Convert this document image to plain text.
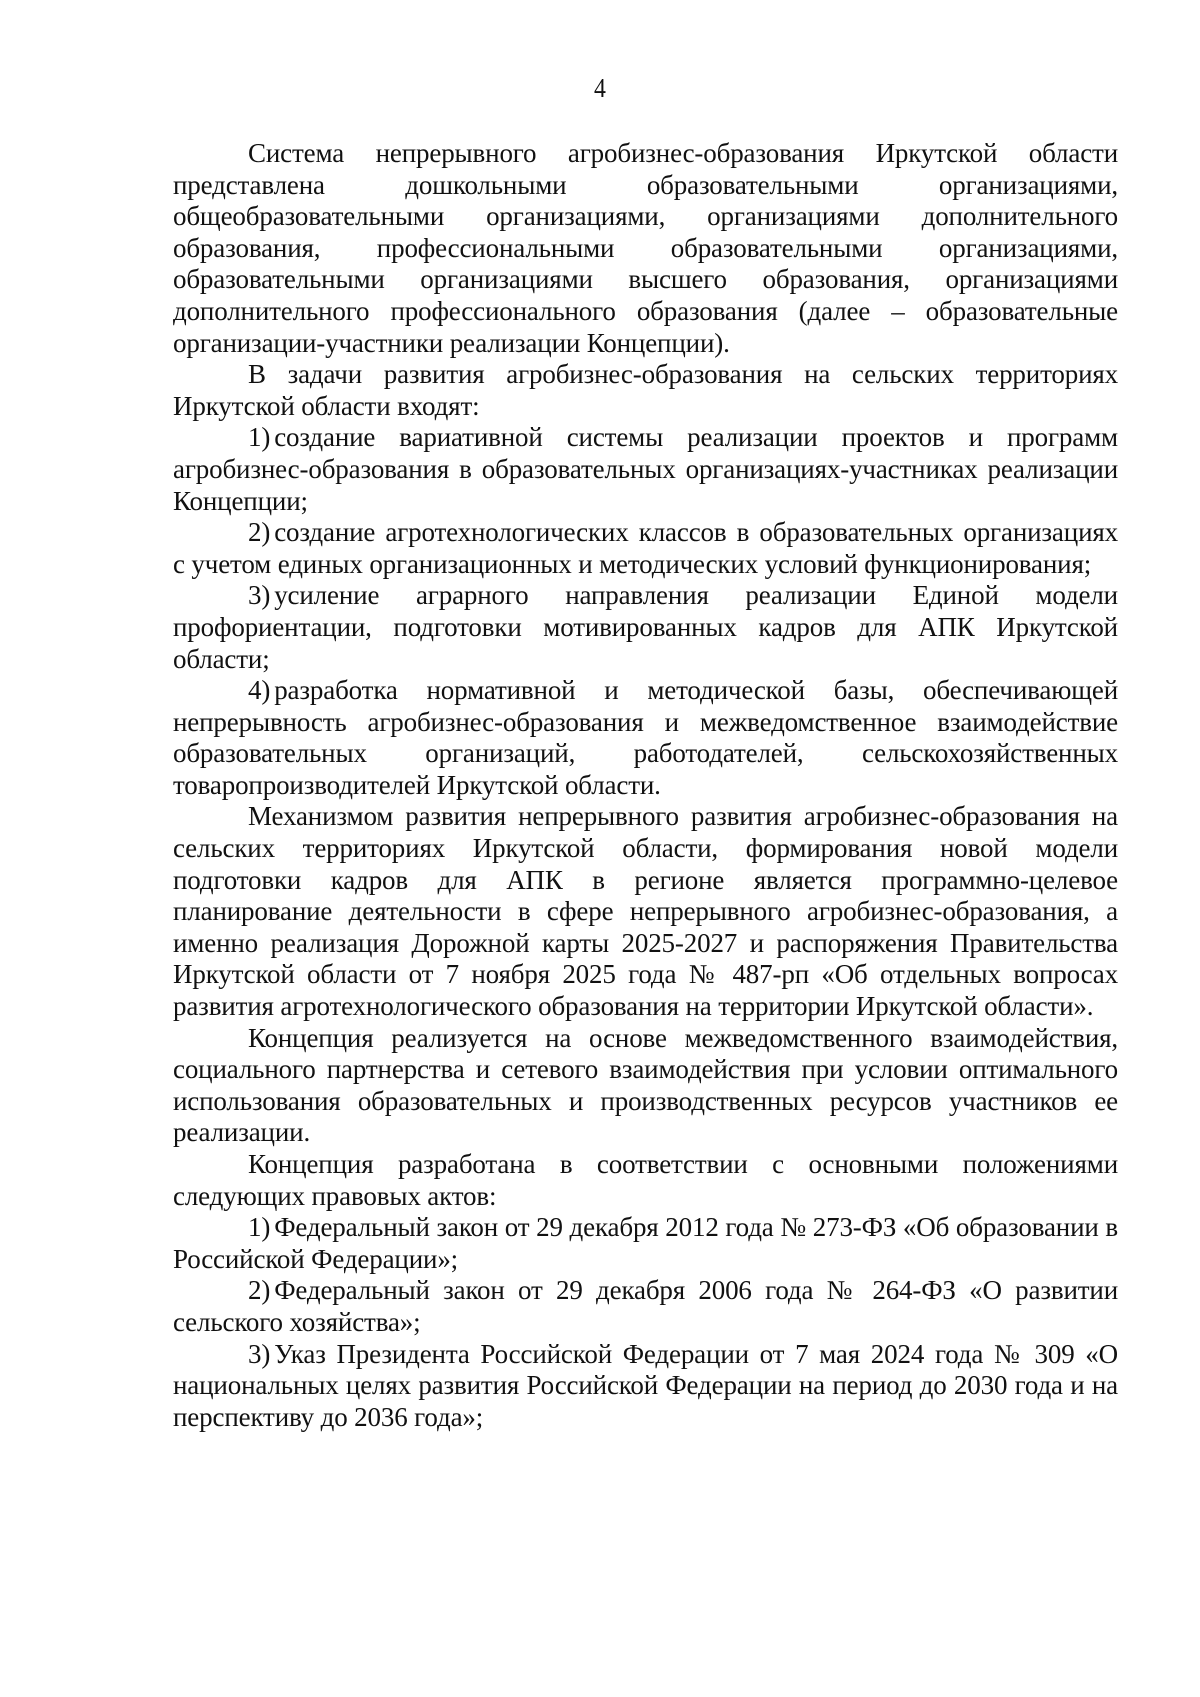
4

Система непрерывного агробизнес-образования Иркутской области представлена дошкольными образовательными организациями, общеобразовательными организациями, организациями дополнительного образования, профессиональными образовательными организациями, образовательными организациями высшего образования, организациями дополнительного профессионального образования (далее – образовательные организации-участники реализации Концепции).

В задачи развития агробизнес-образования на сельских территориях Иркутской области входят:

1) создание вариативной системы реализации проектов и программ агробизнес-образования в образовательных организациях-участниках реализации Концепции;

2) создание агротехнологических классов в образовательных организациях с учетом единых организационных и методических условий функционирования;

3) усиление аграрного направления реализации Единой модели профориентации, подготовки мотивированных кадров для АПК Иркутской области;

4) разработка нормативной и методической базы, обеспечивающей непрерывность агробизнес-образования и межведомственное взаимодействие образовательных организаций, работодателей, сельскохозяйственных товаропроизводителей Иркутской области.

Механизмом развития непрерывного развития агробизнес-образования на сельских территориях Иркутской области, формирования новой модели подготовки кадров для АПК в регионе является программно-целевое планирование деятельности в сфере непрерывного агробизнес-образования, а именно реализация Дорожной карты 2025-2027 и распоряжения Правительства Иркутской области от 7 ноября 2025 года № 487-рп «Об отдельных вопросах развития агротехнологического образования на территории Иркутской области».

Концепция реализуется на основе межведомственного взаимодействия, социального партнерства и сетевого взаимодействия при условии оптимального использования образовательных и производственных ресурсов участников ее реализации.

Концепция разработана в соответствии с основными положениями следующих правовых актов:

1) Федеральный закон от 29 декабря 2012 года № 273-ФЗ «Об образовании в Российской Федерации»;

2) Федеральный закон от 29 декабря 2006 года № 264-ФЗ «О развитии сельского хозяйства»;

3) Указ Президента Российской Федерации от 7 мая 2024 года № 309 «О национальных целях развития Российской Федерации на период до 2030 года и на перспективу до 2036 года»;
